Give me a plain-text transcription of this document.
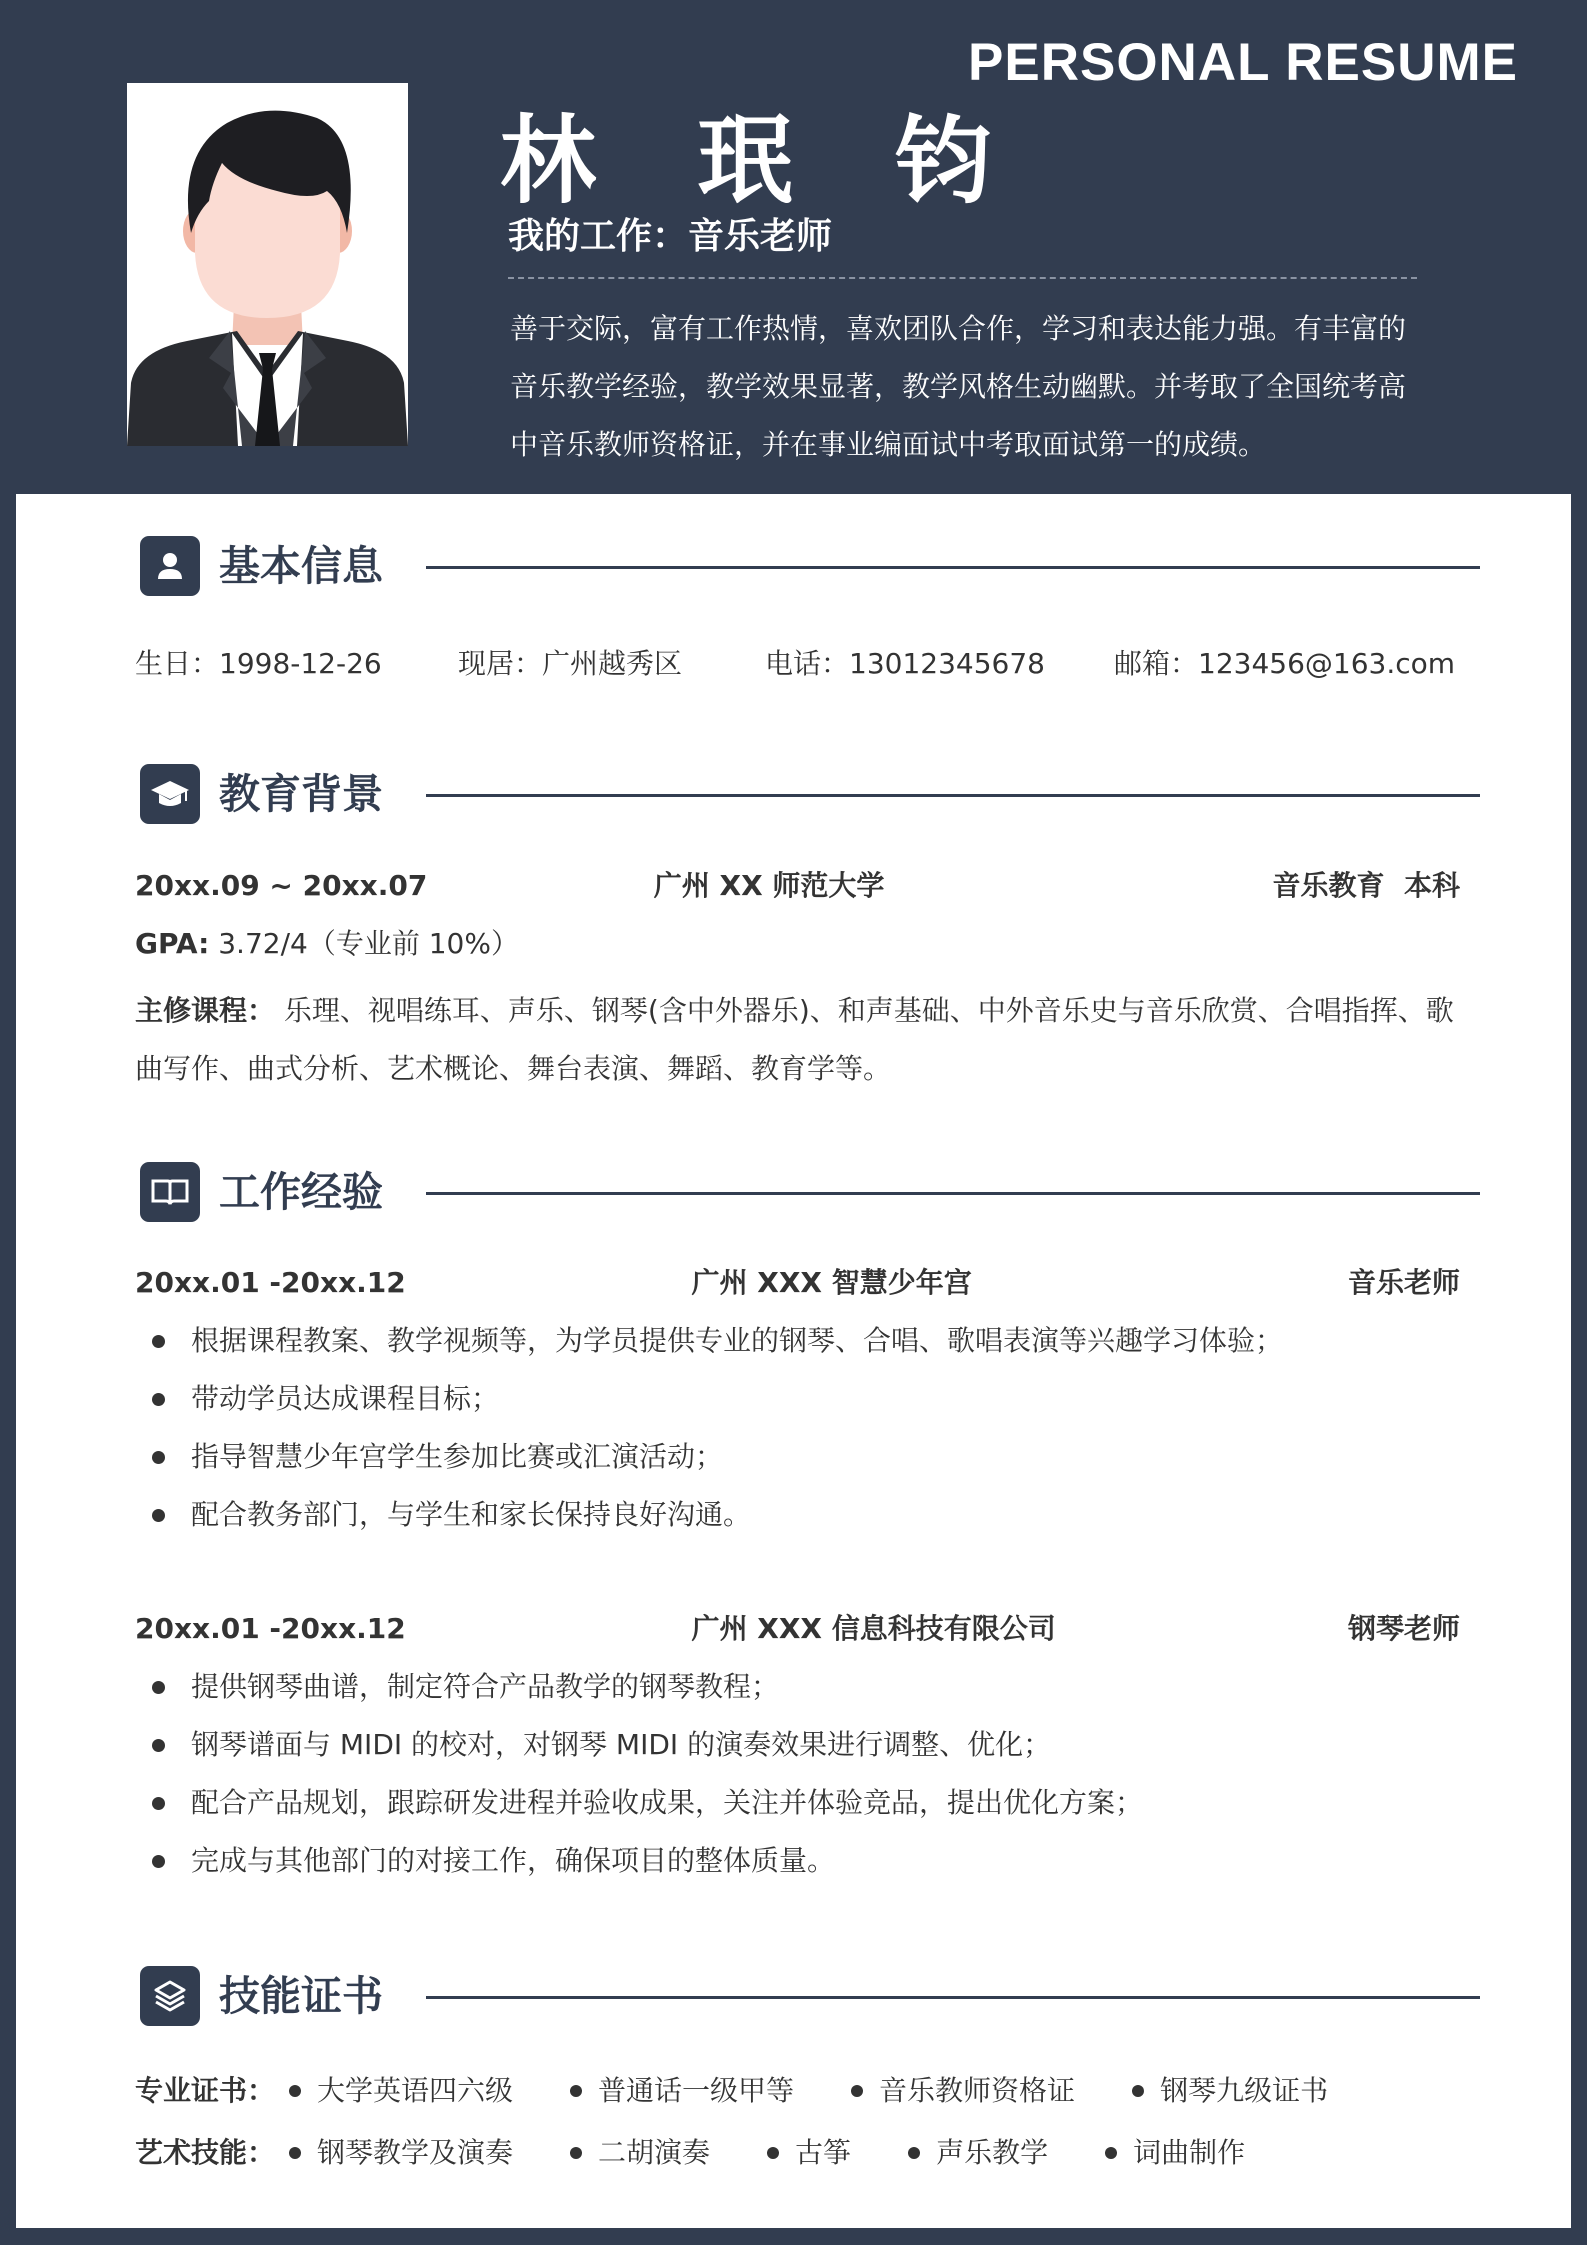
PERSONAL RESUME
林 珉 钧
我的工作：音乐老师
善于交际，富有工作热情，喜欢团队合作，学习和表达能力强。有丰富的音乐教学经验，教学效果显著，教学风格生动幽默。并考取了全国统考高中音乐教师资格证，并在事业编面试中考取面试第一的成绩。
基本信息
生日：1998-12-26	现居：广州越秀区	电话：13012345678	邮箱：123456@163.com
教育背景
20xx.09 ~ 20xx.07	广州 XX 师范大学	音乐教育  本科
GPA: 3.72/4（专业前 10%）
主修课程： 乐理、视唱练耳、声乐、钢琴(含中外器乐)、和声基础、中外音乐史与音乐欣赏、合唱指挥、歌曲写作、曲式分析、艺术概论、舞台表演、舞蹈、教育学等。
工作经验
20xx.01 -20xx.12	广州 XXX 智慧少年宫	音乐老师
根据课程教案、教学视频等，为学员提供专业的钢琴、合唱、歌唱表演等兴趣学习体验；
带动学员达成课程目标；
指导智慧少年宫学生参加比赛或汇演活动；
配合教务部门，与学生和家长保持良好沟通。
20xx.01 -20xx.12	广州 XXX 信息科技有限公司	钢琴老师
提供钢琴曲谱，制定符合产品教学的钢琴教程；
钢琴谱面与 MIDI 的校对，对钢琴 MIDI 的演奏效果进行调整、优化；
配合产品规划，跟踪研发进程并验收成果，关注并体验竞品，提出优化方案；
完成与其他部门的对接工作，确保项目的整体质量。
技能证书
专业证书：	大学英语四六级	普通话一级甲等	音乐教师资格证	钢琴九级证书
艺术技能：	钢琴教学及演奏	二胡演奏	古筝	声乐教学	词曲制作
